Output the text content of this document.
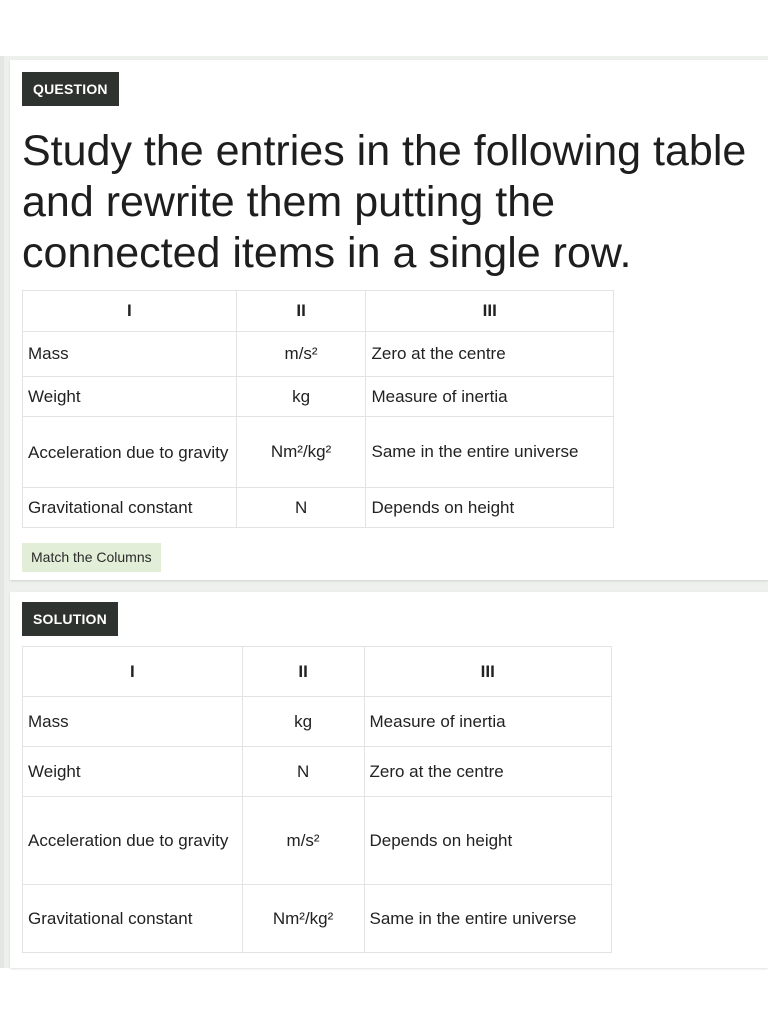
QUESTION
Study the entries in the following table and rewrite them putting the connected items in a single row.
I	II	III
Mass	m/s²	Zero at the centre
Weight	kg	Measure of inertia

Acceleration due to gravity	Nm²/kg²	Same in the entire universe
Gravitational constant	N	Depends on height
Match the Columns
SOLUTION
I	II	III
Mass	kg	Measure of inertia
Weight	N	Zero at the centre

Acceleration due to gravity	m/s²	Depends on height
Gravitational constant	Nm²/kg²	Same in the entire universe
